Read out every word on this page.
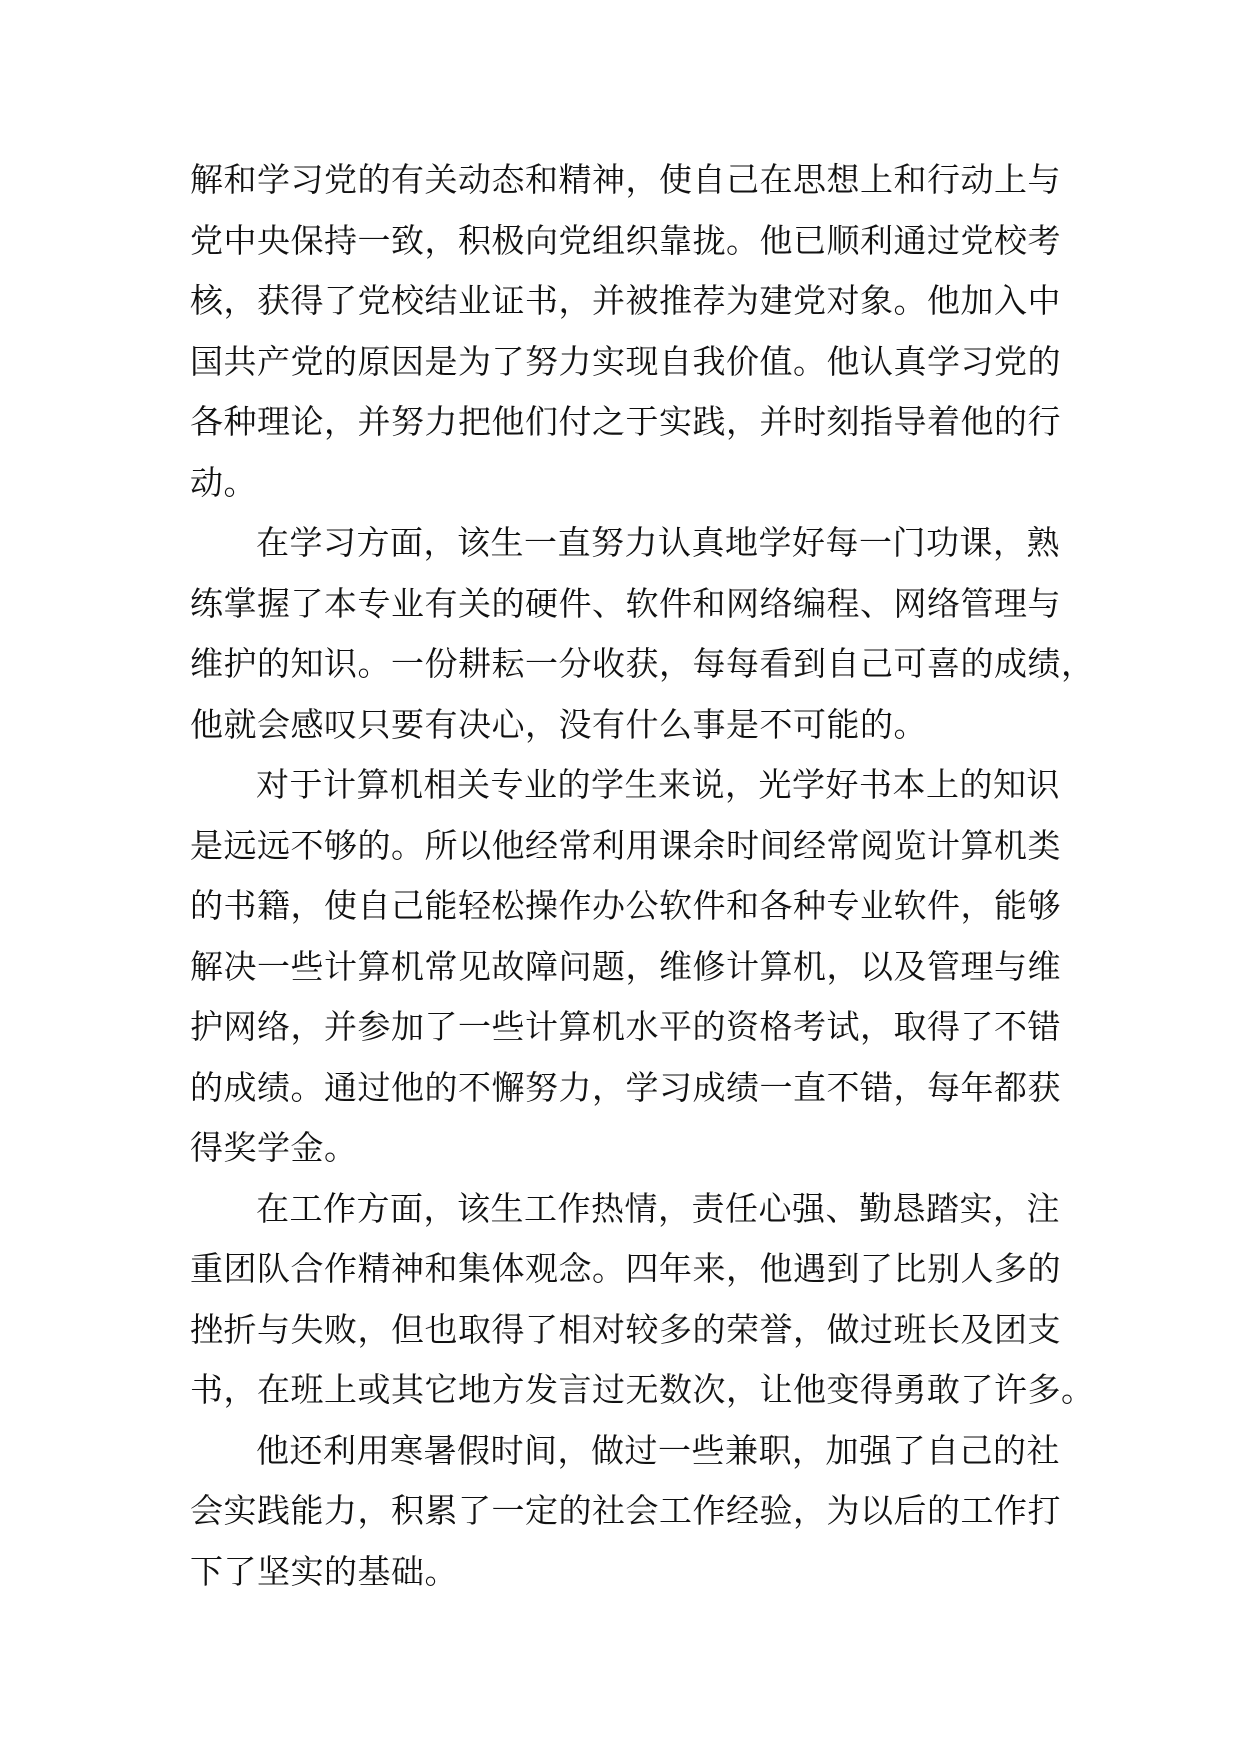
解和学习党的有关动态和精神，使自己在思想上和行动上与
党中央保持一致，积极向党组织靠拢。他已顺利通过党校考
核，获得了党校结业证书，并被推荐为建党对象。他加入中
国共产党的原因是为了努力实现自我价值。他认真学习党的
各种理论，并努力把他们付之于实践，并时刻指导着他的行
动。
在学习方面，该生一直努力认真地学好每一门功课，熟
练掌握了本专业有关的硬件、软件和网络编程、网络管理与
维护的知识。一份耕耘一分收获，每每看到自己可喜的成绩，
他就会感叹只要有决心，没有什么事是不可能的。
对于计算机相关专业的学生来说，光学好书本上的知识
是远远不够的。所以他经常利用课余时间经常阅览计算机类
的书籍，使自己能轻松操作办公软件和各种专业软件，能够
解决一些计算机常见故障问题，维修计算机，以及管理与维
护网络，并参加了一些计算机水平的资格考试，取得了不错
的成绩。通过他的不懈努力，学习成绩一直不错，每年都获
得奖学金。
在工作方面，该生工作热情，责任心强、勤恳踏实，注
重团队合作精神和集体观念。四年来，他遇到了比别人多的
挫折与失败，但也取得了相对较多的荣誉，做过班长及团支
书，在班上或其它地方发言过无数次，让他变得勇敢了许多。
他还利用寒暑假时间，做过一些兼职，加强了自己的社
会实践能力，积累了一定的社会工作经验，为以后的工作打
下了坚实的基础。
